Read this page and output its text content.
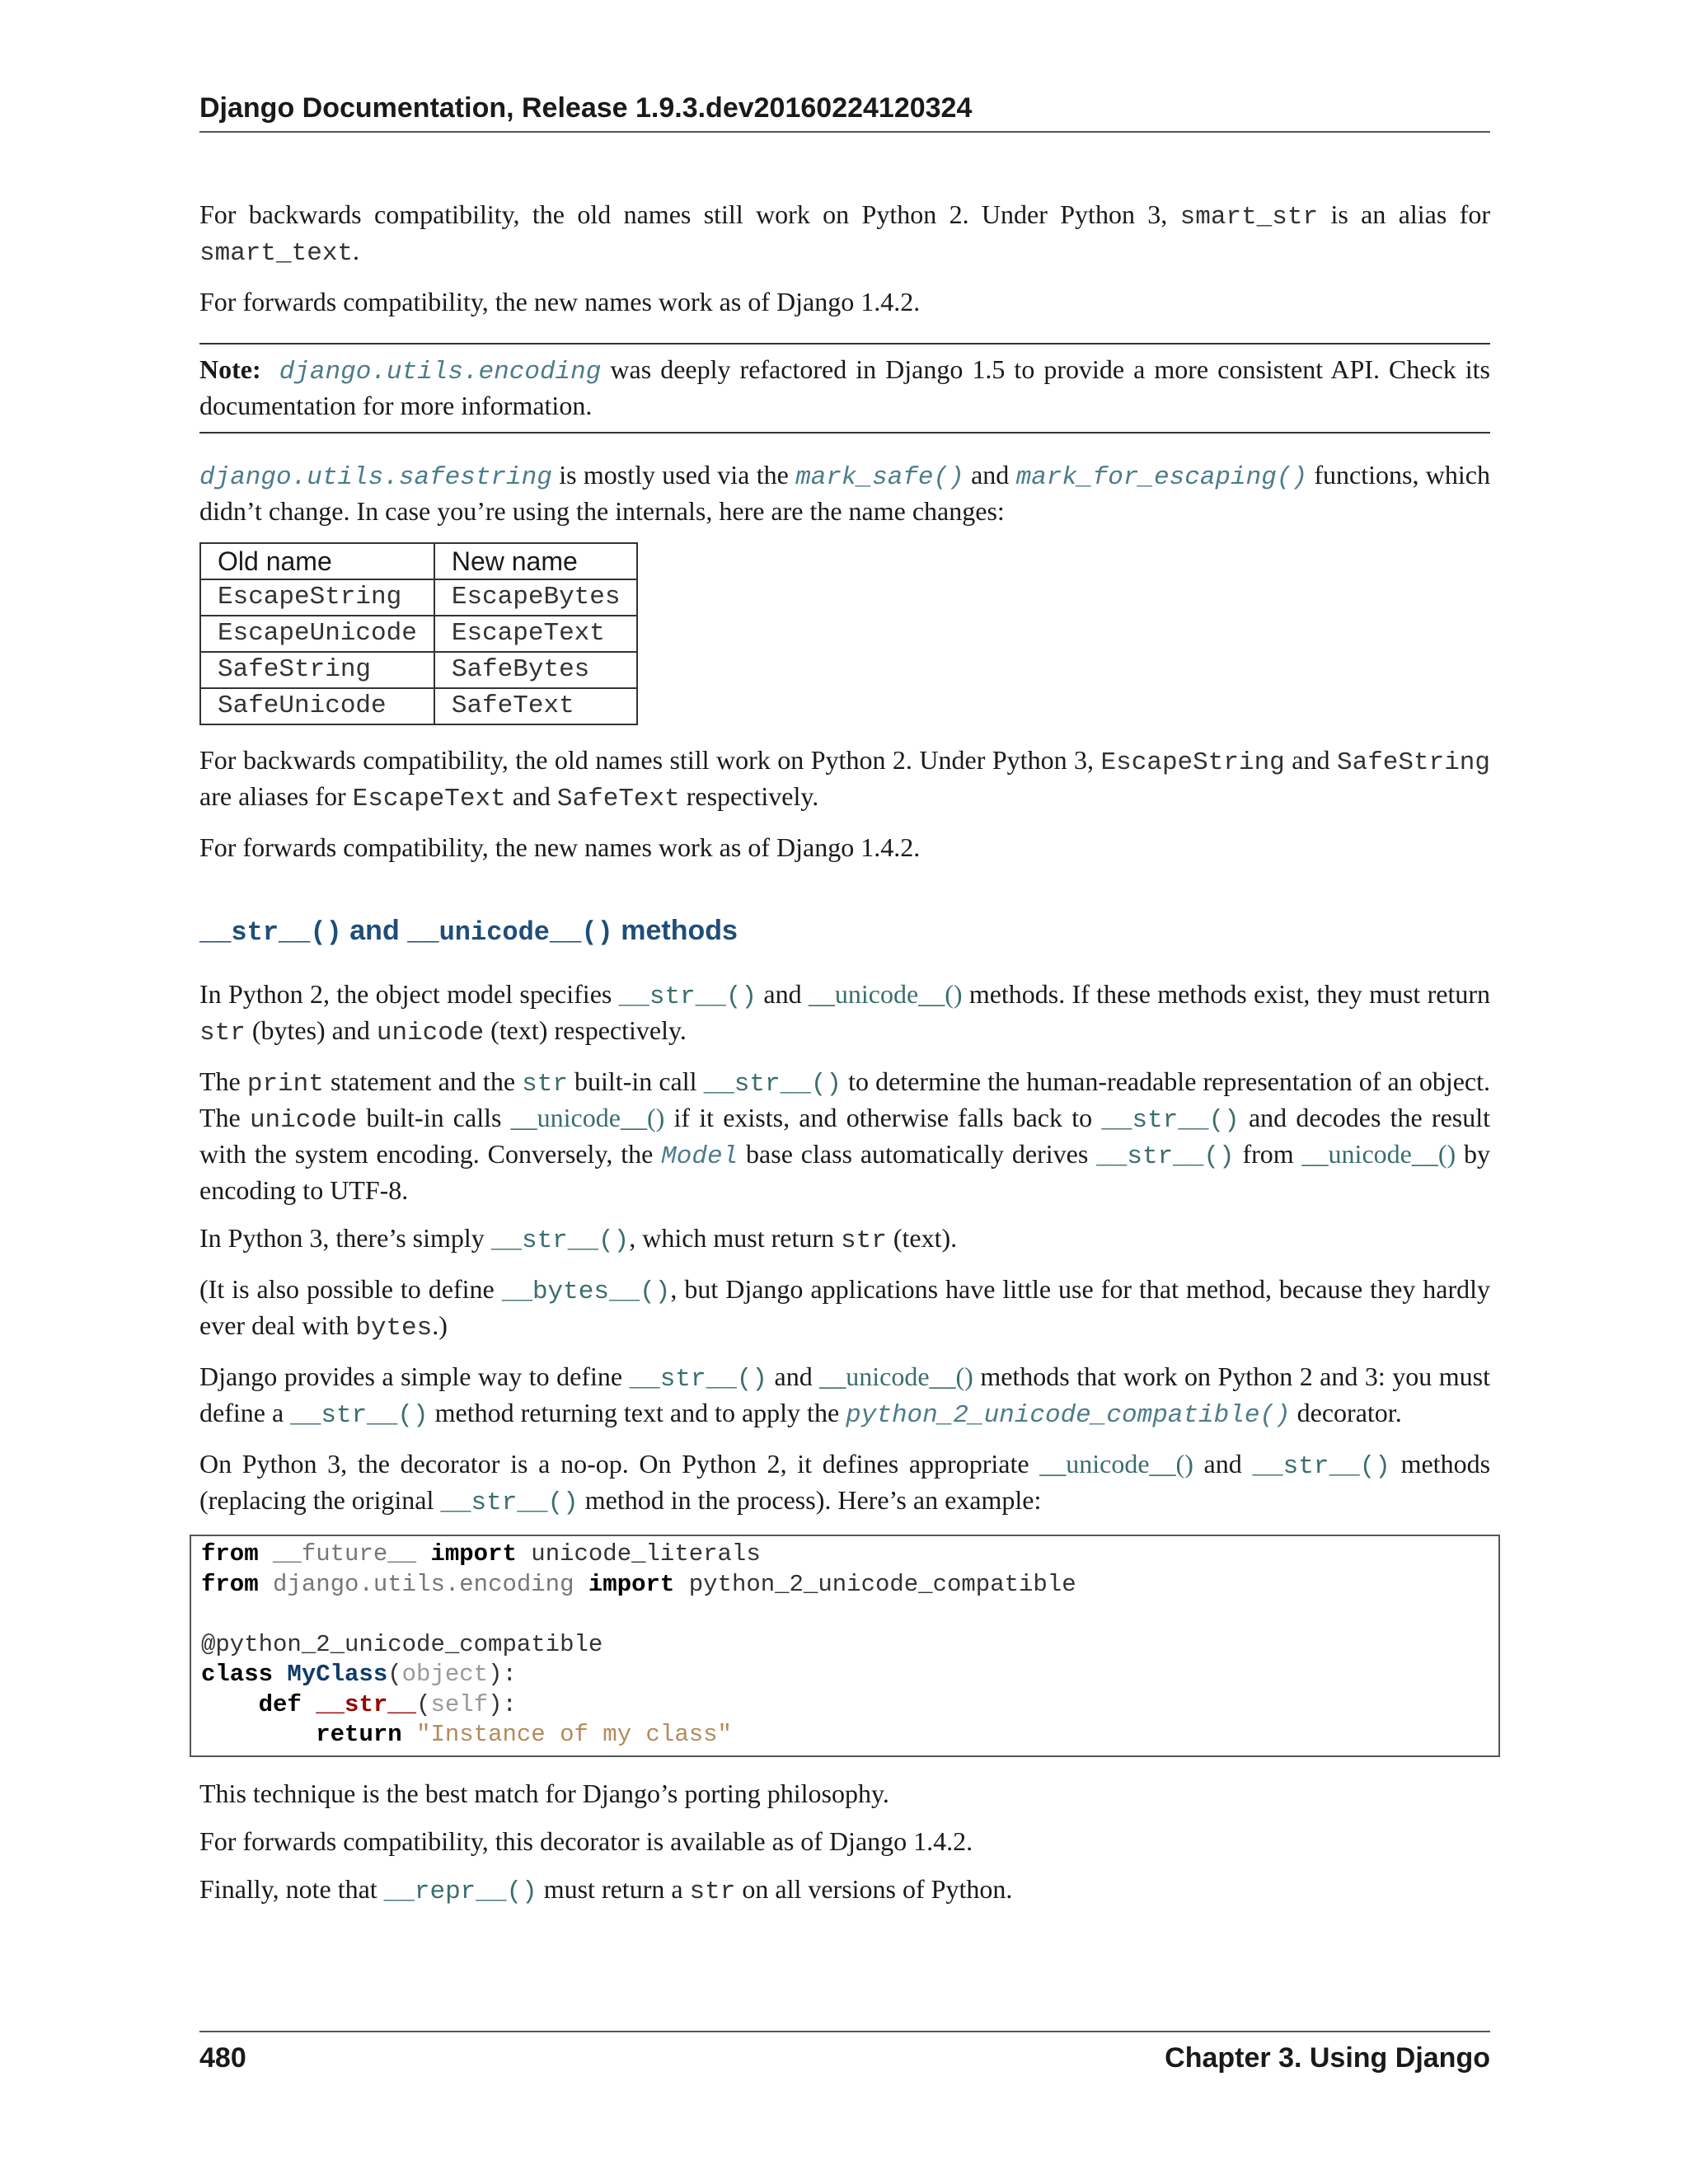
Django Documentation, Release 1.9.3.dev20160224120324

For backwards compatibility, the old names still work on Python 2. Under Python 3, smart_str is an alias for smart_text.

For forwards compatibility, the new names work as of Django 1.4.2.

Note: django.utils.encoding was deeply refactored in Django 1.5 to provide a more consistent API. Check its documentation for more information.

django.utils.safestring is mostly used via the mark_safe() and mark_for_escaping() functions, which didn’t change. In case you’re using the internals, here are the name changes:

Old name	New name
EscapeString	EscapeBytes
EscapeUnicode	EscapeText
SafeString	SafeBytes
SafeUnicode	SafeText

For backwards compatibility, the old names still work on Python 2. Under Python 3, EscapeString and SafeString are aliases for EscapeText and SafeText respectively.

For forwards compatibility, the new names work as of Django 1.4.2.

__str__() and __unicode__() methods

In Python 2, the object model specifies __str__() and __unicode__() methods. If these methods exist, they must return str (bytes) and unicode (text) respectively.

The print statement and the str built-in call __str__() to determine the human-readable representation of an object. The unicode built-in calls __unicode__() if it exists, and otherwise falls back to __str__() and decodes the result with the system encoding. Conversely, the Model base class automatically derives __str__() from __unicode__() by encoding to UTF-8.

In Python 3, there’s simply __str__(), which must return str (text).

(It is also possible to define __bytes__(), but Django applications have little use for that method, because they hardly ever deal with bytes.)

Django provides a simple way to define __str__() and __unicode__() methods that work on Python 2 and 3: you must define a __str__() method returning text and to apply the python_2_unicode_compatible() decorator.

On Python 3, the decorator is a no-op. On Python 2, it defines appropriate __unicode__() and __str__() methods (replacing the original __str__() method in the process). Here’s an example:

from __future__ import unicode_literals
from django.utils.encoding import python_2_unicode_compatible

@python_2_unicode_compatible
class MyClass(object):
def __str__(self):
return "Instance of my class"

This technique is the best match for Django’s porting philosophy.

For forwards compatibility, this decorator is available as of Django 1.4.2.

Finally, note that __repr__() must return a str on all versions of Python.

480	Chapter 3. Using Django
